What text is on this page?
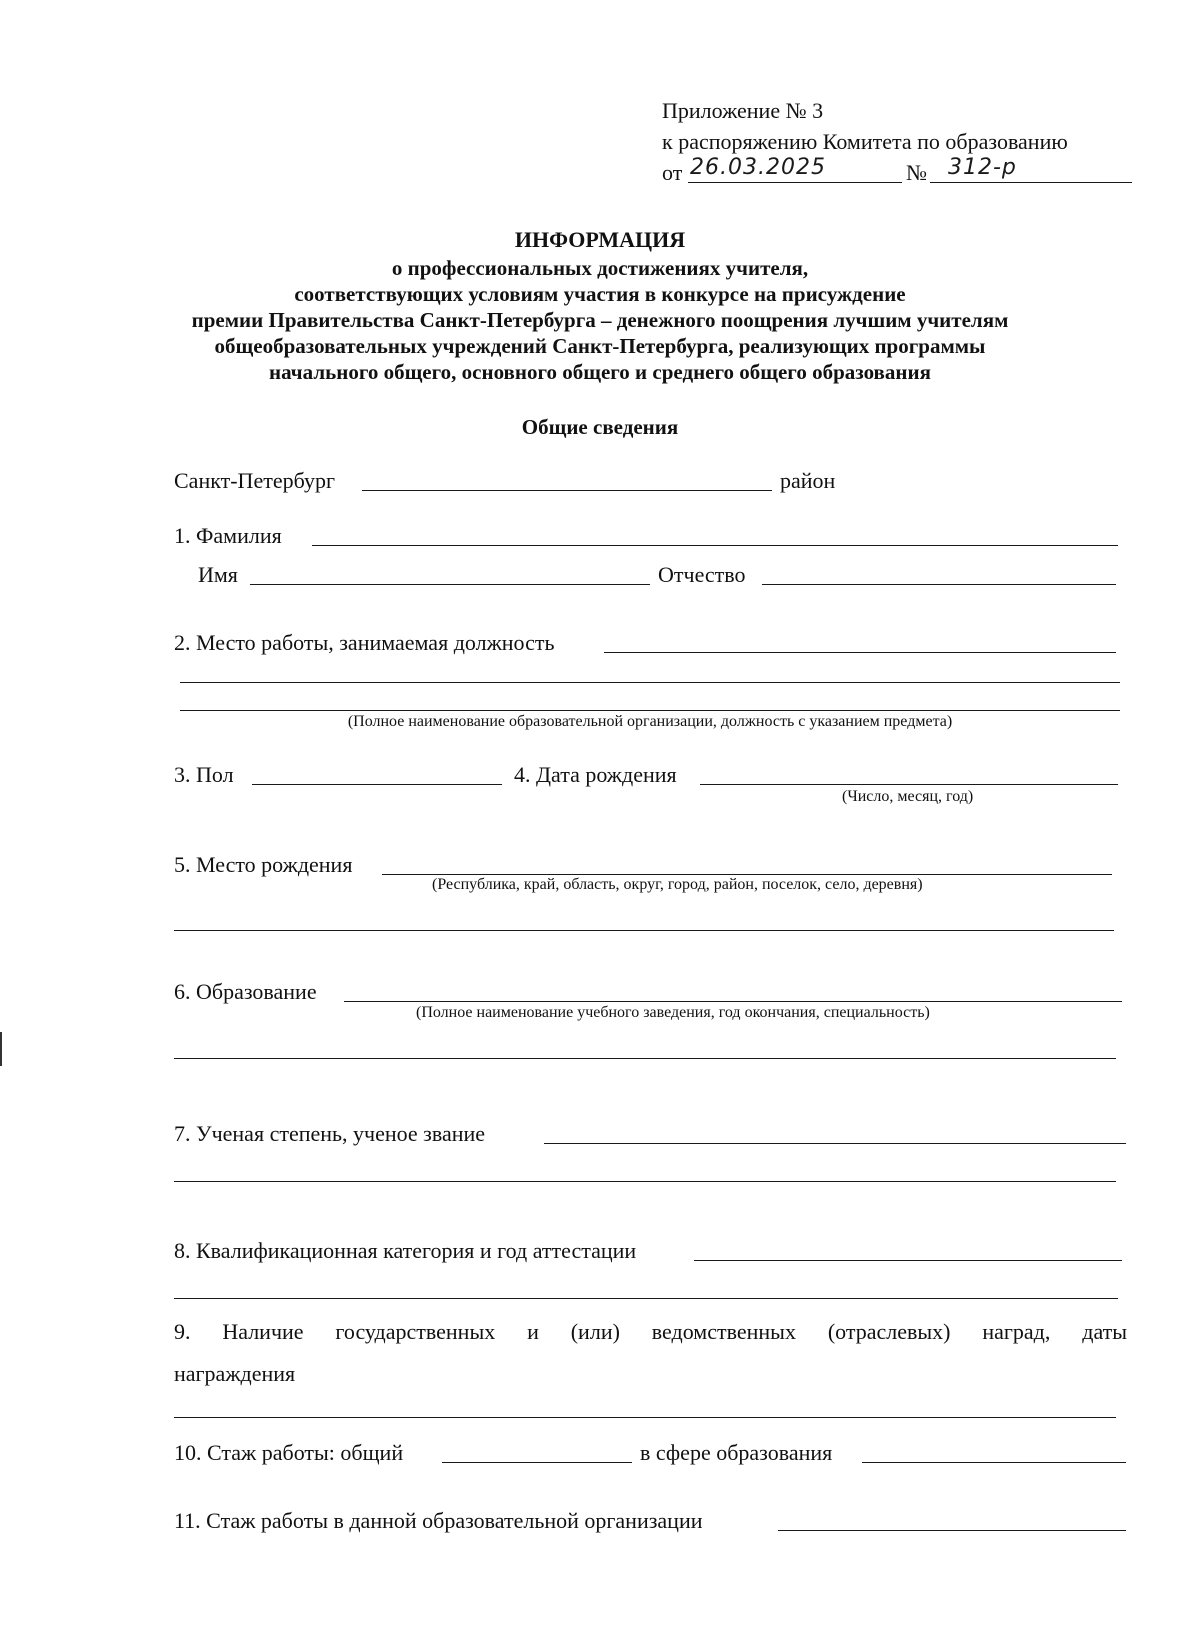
Приложение № 3
к распоряжению Комитета по образованию
от 26.03.2025	№ 312-р
ИНФОРМАЦИЯ
о профессиональных достижениях учителя,
соответствующих условиям участия в конкурсе на присуждение
премии Правительства Санкт-Петербурга – денежного поощрения лучшим учителям
общеобразовательных учреждений Санкт-Петербурга, реализующих программы
начального общего, основного общего и среднего общего образования
Общие сведения
Санкт-Петербург	район
1. Фамилия
Имя	Отчество
2. Место работы, занимаемая должность
(Полное наименование образовательной организации, должность с указанием предмета)
3. Пол	4. Дата рождения
(Число, месяц, год)
5. Место рождения
(Республика, край, область, округ, город, район, поселок, село, деревня)
6. Образование
(Полное наименование учебного заведения, год окончания, специальность)
7. Ученая степень, ученое звание
8. Квалификационная категория и год аттестации
9. Наличие государственных и (или) ведомственных (отраслевых) наград, даты
награждения
10. Стаж работы: общий	в сфере образования
11. Стаж работы в данной образовательной организации
